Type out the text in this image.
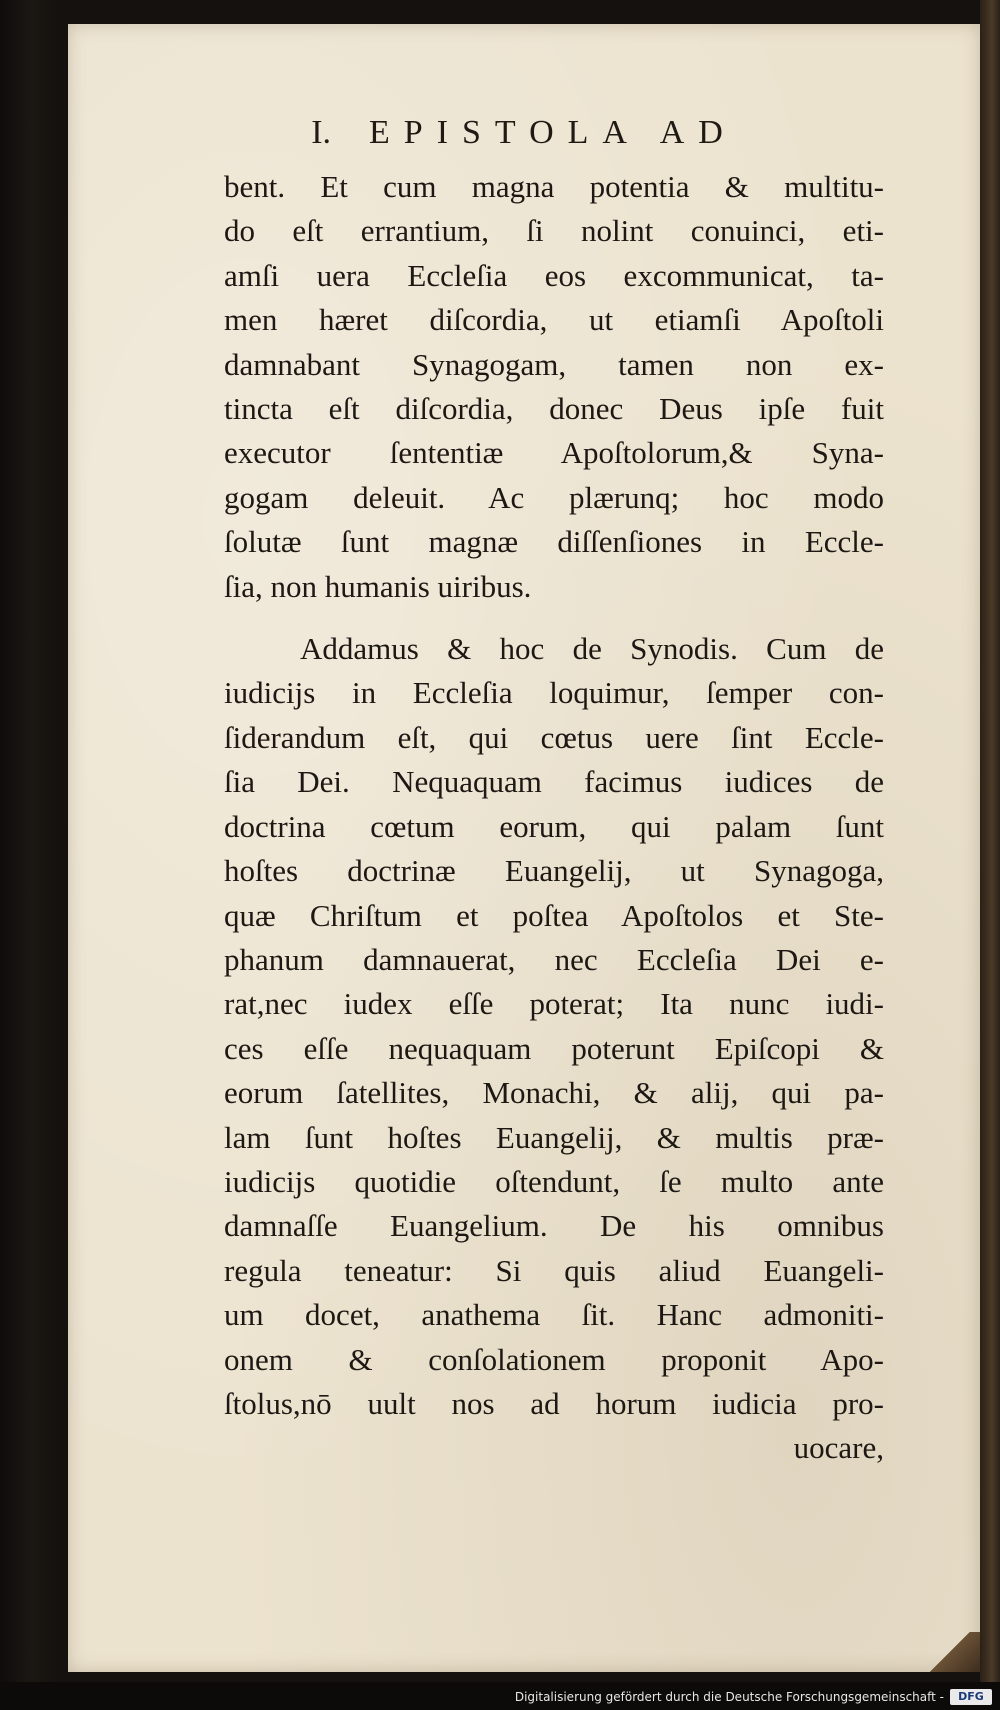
I. EPISTOLA AD

bent. Et cum magna potentia & multitu-
do eſt errantium, ſi nolint conuinci, eti-
amſi uera Eccleſia eos excommunicat, ta-
men hæret diſcordia, ut etiamſi Apoſtoli
damnabant Synagogam, tamen non ex-
tincta eſt diſcordia, donec Deus ipſe fuit
executor ſententiæ Apoſtolorum,& Syna-
gogam deleuit. Ac plærunq; hoc modo
ſolutæ ſunt magnæ diſſenſiones in Eccle-
ſia, non humanis uiribus.

Addamus & hoc de Synodis. Cum de
iudicijs in Eccleſia loquimur, ſemper con-
ſiderandum eſt, qui cœtus uere ſint Eccle-
ſia Dei. Nequaquam facimus iudices de
doctrina cœtum eorum, qui palam ſunt
hoſtes doctrinæ Euangelij, ut Synagoga,
quæ Chriſtum et poſtea Apoſtolos et Ste-
phanum damnauerat, nec Eccleſia Dei e-
rat,nec iudex eſſe poterat; Ita nunc iudi-
ces eſſe nequaquam poterunt Epiſcopi &
eorum ſatellites, Monachi, & alij, qui pa-
lam ſunt hoſtes Euangelij, & multis præ-
iudicijs quotidie oſtendunt, ſe multo ante
damnaſſe Euangelium. De his omnibus
regula teneatur: Si quis aliud Euangeli-
um docet, anathema ſit. Hanc admoniti-
onem & conſolationem proponit Apo-
ſtolus,nō uult nos ad horum iudicia pro-

uocare,
Digitalisierung gefördert durch die Deutsche Forschungsgemeinschaft -	DFG
